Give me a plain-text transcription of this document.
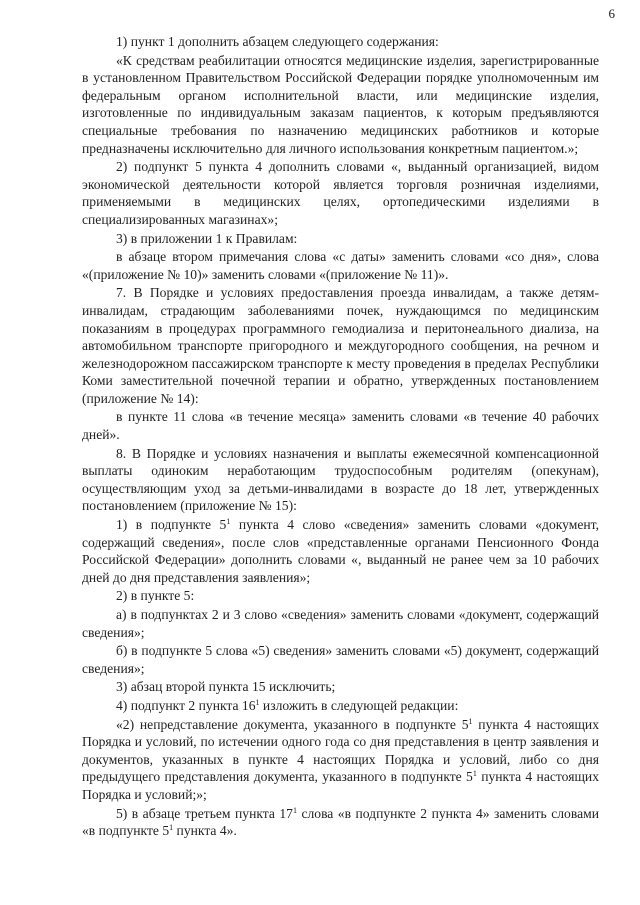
6

1) пункт 1 дополнить абзацем следующего содержания:

«К средствам реабилитации относятся медицинские изделия, зарегистрированные в установленном Правительством Российской Федерации порядке уполномоченным им федеральным органом исполнительной власти, или медицинские изделия, изготовленные по индивидуальным заказам пациентов, к которым предъявляются специальные требования по назначению медицинских работников и которые предназначены исключительно для личного использования конкретным пациентом.»;

2) подпункт 5 пункта 4 дополнить словами «, выданный организацией, видом экономической деятельности которой является торговля розничная изделиями, применяемыми в медицинских целях, ортопедическими изделиями в специализированных магазинах»;

3) в приложении 1 к Правилам:

в абзаце втором примечания слова «с даты» заменить словами «со дня», слова «(приложение № 10)» заменить словами «(приложение № 11)».

7. В Порядке и условиях предоставления проезда инвалидам, а также детям-инвалидам, страдающим заболеваниями почек, нуждающимся по медицинским показаниям в процедурах программного гемодиализа и перитонеального диализа, на автомобильном транспорте пригородного и междугородного сообщения, на речном и железнодорожном пассажирском транспорте к месту проведения в пределах Республики Коми заместительной почечной терапии и обратно, утвержденных постановлением (приложение № 14):

в пункте 11 слова «в течение месяца» заменить словами «в течение 40 рабочих дней».

8. В Порядке и условиях назначения и выплаты ежемесячной компенсационной выплаты одиноким неработающим трудоспособным родителям (опекунам), осуществляющим уход за детьми-инвалидами в возрасте до 18 лет, утвержденных постановлением (приложение № 15):

1) в подпункте $5^1$ пункта 4 слово «сведения» заменить словами «документ, содержащий сведения», после слов «представленные органами Пенсионного Фонда Российской Федерации» дополнить словами «, выданный не ранее чем за 10 рабочих дней до дня представления заявления»;

2) в пункте 5:

а) в подпунктах 2 и 3 слово «сведения» заменить словами «документ, содержащий сведения»;

б) в подпункте 5 слова «5) сведения» заменить словами «5) документ, содержащий сведения»;

3) абзац второй пункта 15 исключить;

4) подпункт 2 пункта $16^1$ изложить в следующей редакции:

«2) непредставление документа, указанного в подпункте $5^1$ пункта 4 настоящих Порядка и условий, по истечении одного года со дня представления в центр заявления и документов, указанных в пункте 4 настоящих Порядка и условий, либо со дня предыдущего представления документа, указанного в подпункте $5^1$ пункта 4 настоящих Порядка и условий;»;

5) в абзаце третьем пункта $17^1$ слова «в подпункте 2 пункта 4» заменить словами «в подпункте $5^1$ пункта 4».
